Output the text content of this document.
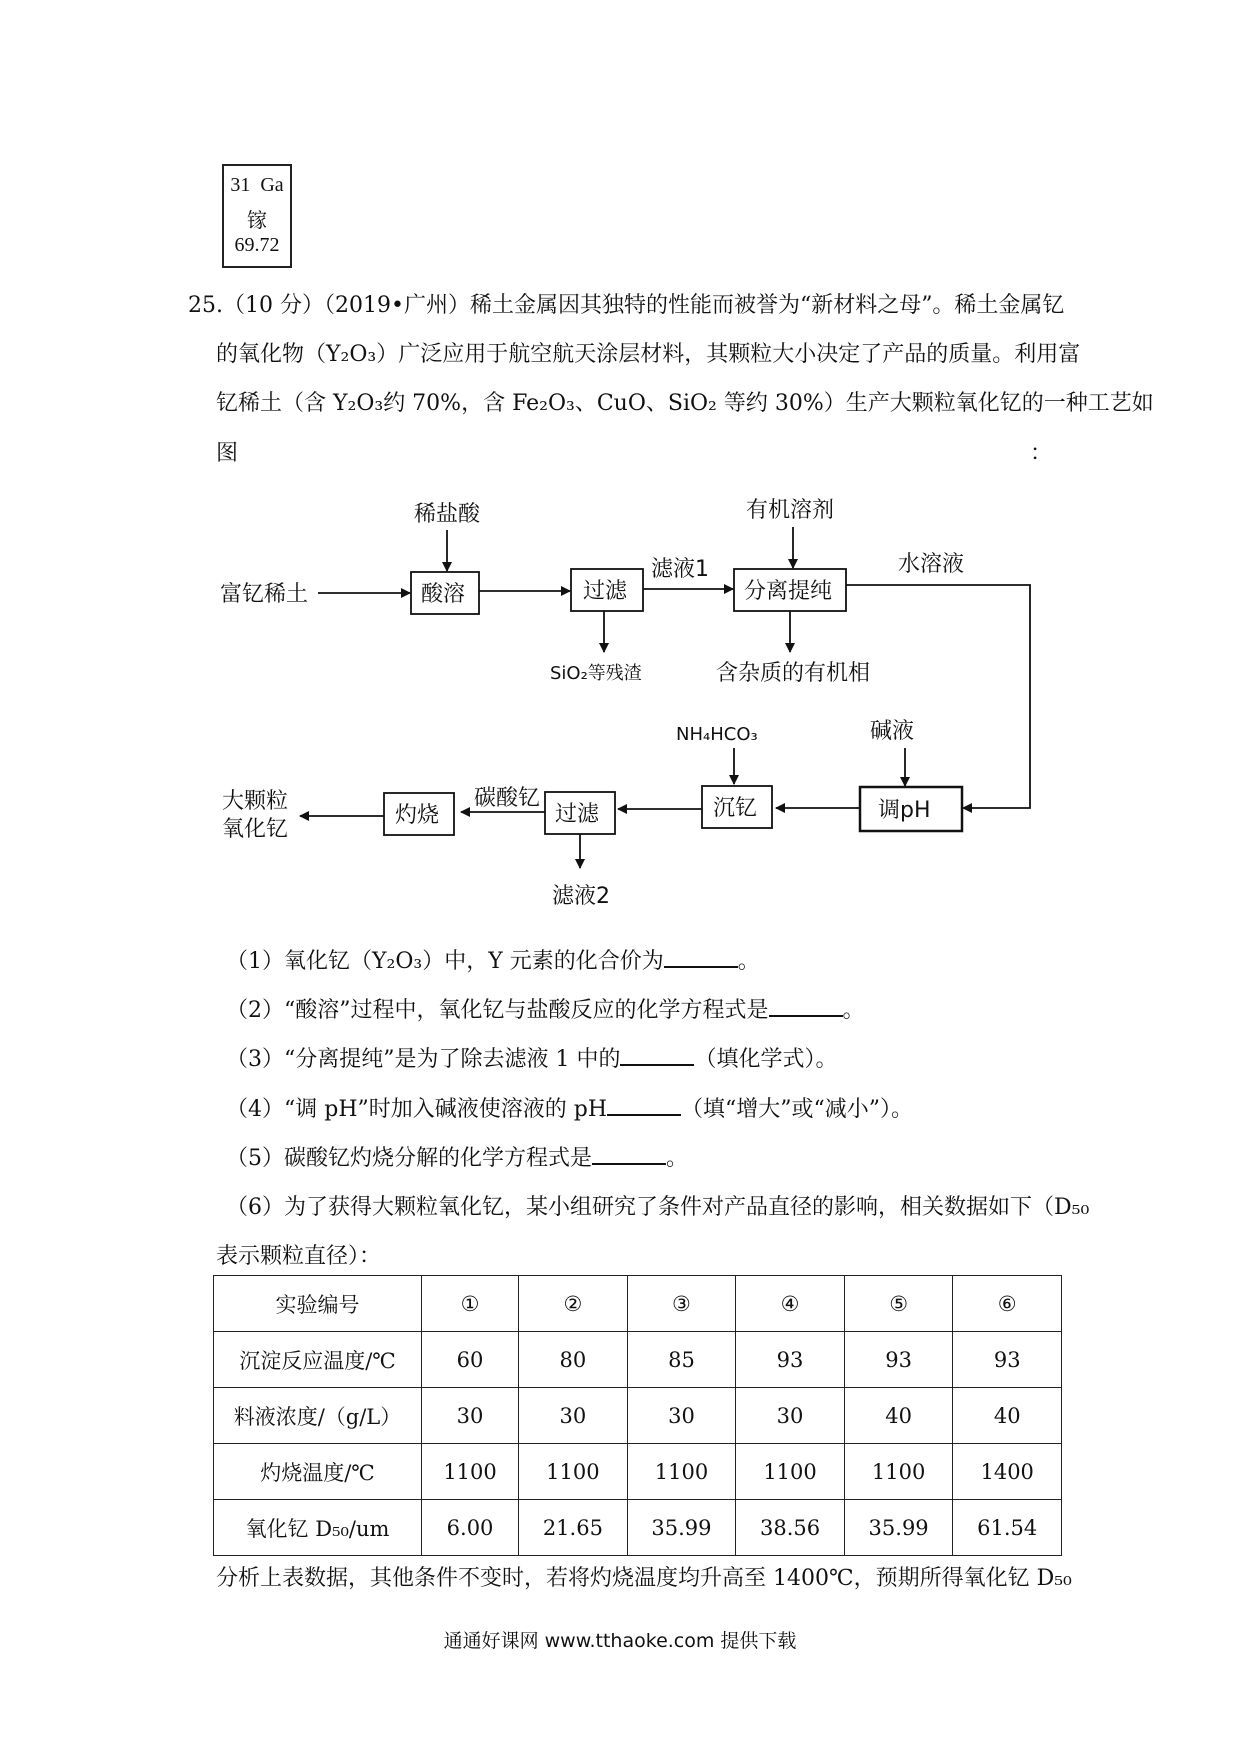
31 Ga
镓
69.72
25.（10 分）（2019•广州）稀土金属因其独特的性能而被誉为“新材料之母”。稀土金属钇
的氧化物（Y₂O₃）广泛应用于航空航天涂层材料，其颗粒大小决定了产品的质量。利用富
钇稀土（含 Y₂O₃约 70%，含 Fe₂O₃、CuO、SiO₂ 等约 30%）生产大颗粒氧化钇的一种工艺如
图	：
富钇稀土
稀盐酸
酸溶	过滤
SiO₂等残渣
滤液1
有机溶剂
分离提纯
含杂质的有机相
水溶液
碱液
调pH
NH₄HCO₃
沉钇
过滤
滤液2
碳酸钇
灼烧
大颗粒
氧化钇
（1）氧化钇（Y₂O₃）中，Y 元素的化合价为	。
（2）“酸溶”过程中，氧化钇与盐酸反应的化学方程式是	。
（3）“分离提纯”是为了除去滤液 1 中的	（填化学式）。
（4）“调 pH”时加入碱液使溶液的 pH	（填“增大”或“减小”）。
（5）碳酸钇灼烧分解的化学方程式是	。
（6）为了获得大颗粒氧化钇，某小组研究了条件对产品直径的影响，相关数据如下（D₅₀
表示颗粒直径）：
实验编号	①	②	③	④	⑤	⑥
沉淀反应温度/℃	60	80	85	93	93	93
料液浓度/（g/L）	30	30	30	30	40	40
灼烧温度/℃	1100	1100	1100	1100	1100	1400
氧化钇 D₅₀/um	6.00	21.65	35.99	38.56	35.99	61.54
分析上表数据，其他条件不变时，若将灼烧温度均升高至 1400℃，预期所得氧化钇 D₅₀
通通好课网 www.tthaoke.com 提供下载
